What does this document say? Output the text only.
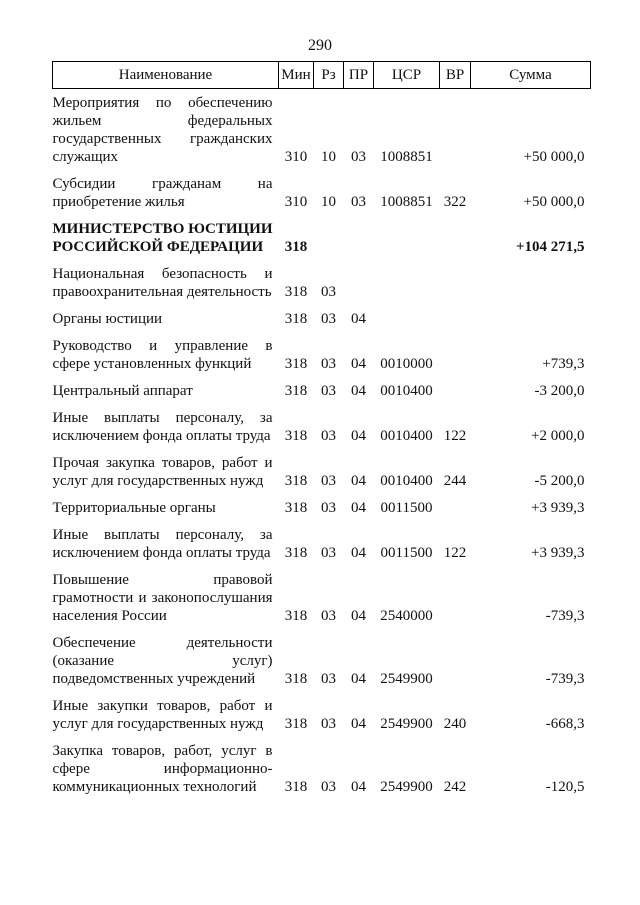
290
Наименование	Мин	Рз	ПР	ЦСР	ВР	Сумма
Мероприятия по обеспечению жильем федеральных государственных гражданских служащих	310	10	03	1008851		+50 000,0
Субсидии гражданам на приобретение жилья	310	10	03	1008851	322	+50 000,0
МИНИСТЕРСТВО ЮСТИЦИИ РОССИЙСКОЙ ФЕДЕРАЦИИ	318					+104 271,5
Национальная безопасность и правоохранительная деятельность	318	03				
Органы юстиции	318	03	04			
Руководство и управление в сфере установленных функций	318	03	04	0010000		+739,3
Центральный аппарат	318	03	04	0010400		-3 200,0
Иные выплаты персоналу, за исключением фонда оплаты труда	318	03	04	0010400	122	+2 000,0
Прочая закупка товаров, работ и услуг для государственных нужд	318	03	04	0010400	244	-5 200,0
Территориальные органы	318	03	04	0011500		+3 939,3
Иные выплаты персоналу, за исключением фонда оплаты труда	318	03	04	0011500	122	+3 939,3
Повышение правовой грамотности и законопослушания населения России	318	03	04	2540000		-739,3
Обеспечение деятельности (оказание услуг) подведомственных учреждений	318	03	04	2549900		-739,3
Иные закупки товаров, работ и услуг для государственных нужд	318	03	04	2549900	240	-668,3
Закупка товаров, работ, услуг в сфере информационно-коммуникационных технологий	318	03	04	2549900	242	-120,5
